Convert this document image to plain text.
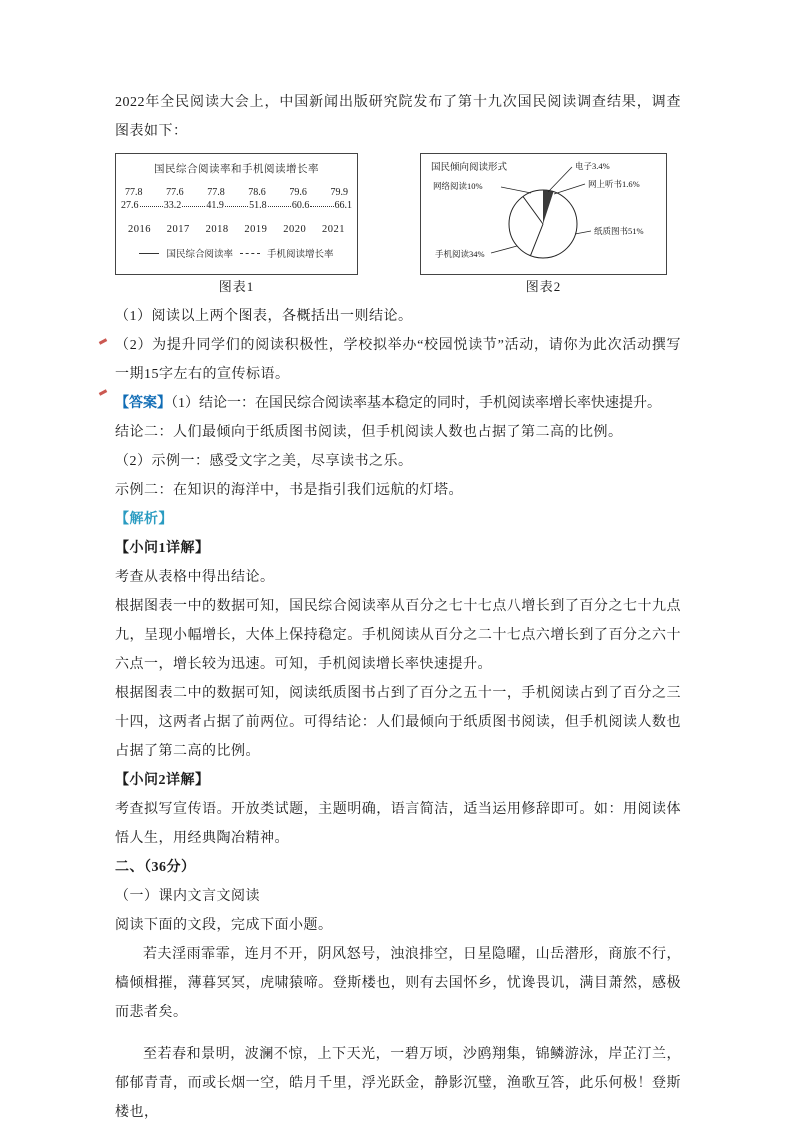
2022年全民阅读大会上，中国新闻出版研究院发布了第十九次国民阅读调查结果，调查图表如下：

国民综合阅读率和手机阅读增长率
77.8 77.6 77.8 78.6 79.6 79.9
27.6	33.2	41.9	51.8	60.6	66.1
2016 2017 2018 2019 2020 2021
国民综合阅读率	手机阅读增长率
图表1
国民倾向阅读形式	电子3.4%
网上听书1.6%
纸质图书51%
网络阅读10%
手机阅读34%
图表2

（1）阅读以上两个图表，各概括出一则结论。

（2）为提升同学们的阅读积极性，学校拟举办“校园悦读节”活动，请你为此次活动撰写一期15字左右的宣传标语。

【答案】（1）结论一：在国民综合阅读率基本稳定的同时，手机阅读率增长率快速提升。

结论二：人们最倾向于纸质图书阅读，但手机阅读人数也占据了第二高的比例。

（2）示例一：感受文字之美，尽享读书之乐。

示例二：在知识的海洋中，书是指引我们远航的灯塔。

【解析】

【小问1详解】

考查从表格中得出结论。

根据图表一中的数据可知，国民综合阅读率从百分之七十七点八增长到了百分之七十九点九，呈现小幅增长，大体上保持稳定。手机阅读从百分之二十七点六增长到了百分之六十六点一，增长较为迅速。可知，手机阅读增长率快速提升。

根据图表二中的数据可知，阅读纸质图书占到了百分之五十一，手机阅读占到了百分之三十四，这两者占据了前两位。可得结论：人们最倾向于纸质图书阅读，但手机阅读人数也占据了第二高的比例。

【小问2详解】

考查拟写宣传语。开放类试题，主题明确，语言简洁，适当运用修辞即可。如：用阅读体悟人生，用经典陶冶精神。

二、（36分）

（一）课内文言文阅读

阅读下面的文段，完成下面小题。

若夫淫雨霏霏，连月不开，阴风怒号，浊浪排空，日星隐曜，山岳潜形，商旅不行，樯倾楫摧，薄暮冥冥，虎啸猿啼。登斯楼也，则有去国怀乡，忧谗畏讥，满目萧然，感极而悲者矣。

至若春和景明，波澜不惊，上下天光，一碧万顷，沙鸥翔集，锦鳞游泳，岸芷汀兰，郁郁青青，而或长烟一空，皓月千里，浮光跃金，静影沉璧，渔歌互答，此乐何极！登斯楼也，
